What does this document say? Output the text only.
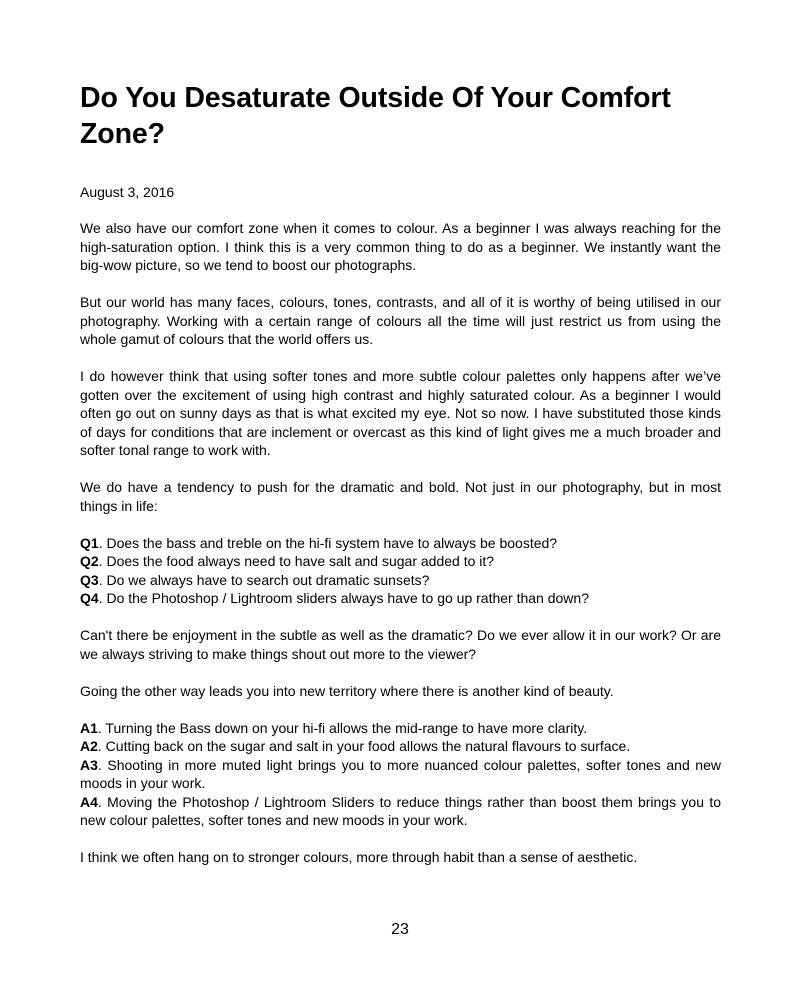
Do You Desaturate Outside Of Your Comfort Zone?
August 3, 2016

We also have our comfort zone when it comes to colour. As a beginner I was always reaching for the high-saturation option. I think this is a very common thing to do as a beginner. We instantly want the big-wow picture, so we tend to boost our photographs.

But our world has many faces, colours, tones, contrasts, and all of it is worthy of being utilised in our photography. Working with a certain range of colours all the time will just restrict us from using the whole gamut of colours that the world offers us.

I do however think that using softer tones and more subtle colour palettes only happens after we’ve gotten over the excitement of using high contrast and highly saturated colour. As a beginner I would often go out on sunny days as that is what excited my eye. Not so now. I have substituted those kinds of days for conditions that are inclement or overcast as this kind of light gives me a much broader and softer tonal range to work with.

We do have a tendency to push for the dramatic and bold. Not just in our photography, but in most things in life:

Q1. Does the bass and treble on the hi-fi system have to always be boosted?

Q2. Does the food always need to have salt and sugar added to it?

Q3. Do we always have to search out dramatic sunsets?

Q4. Do the Photoshop / Lightroom sliders always have to go up rather than down?

Can't there be enjoyment in the subtle as well as the dramatic? Do we ever allow it in our work? Or are we always striving to make things shout out more to the viewer?

Going the other way leads you into new territory where there is another kind of beauty.

A1. Turning the Bass down on your hi-fi allows the mid-range to have more clarity.

A2. Cutting back on the sugar and salt in your food allows the natural flavours to surface.

A3. Shooting in more muted light brings you to more nuanced colour palettes, softer tones and new moods in your work.

A4. Moving the Photoshop / Lightroom Sliders to reduce things rather than boost them brings you to new colour palettes, softer tones and new moods in your work.

I think we often hang on to stronger colours, more through habit than a sense of aesthetic.

23
